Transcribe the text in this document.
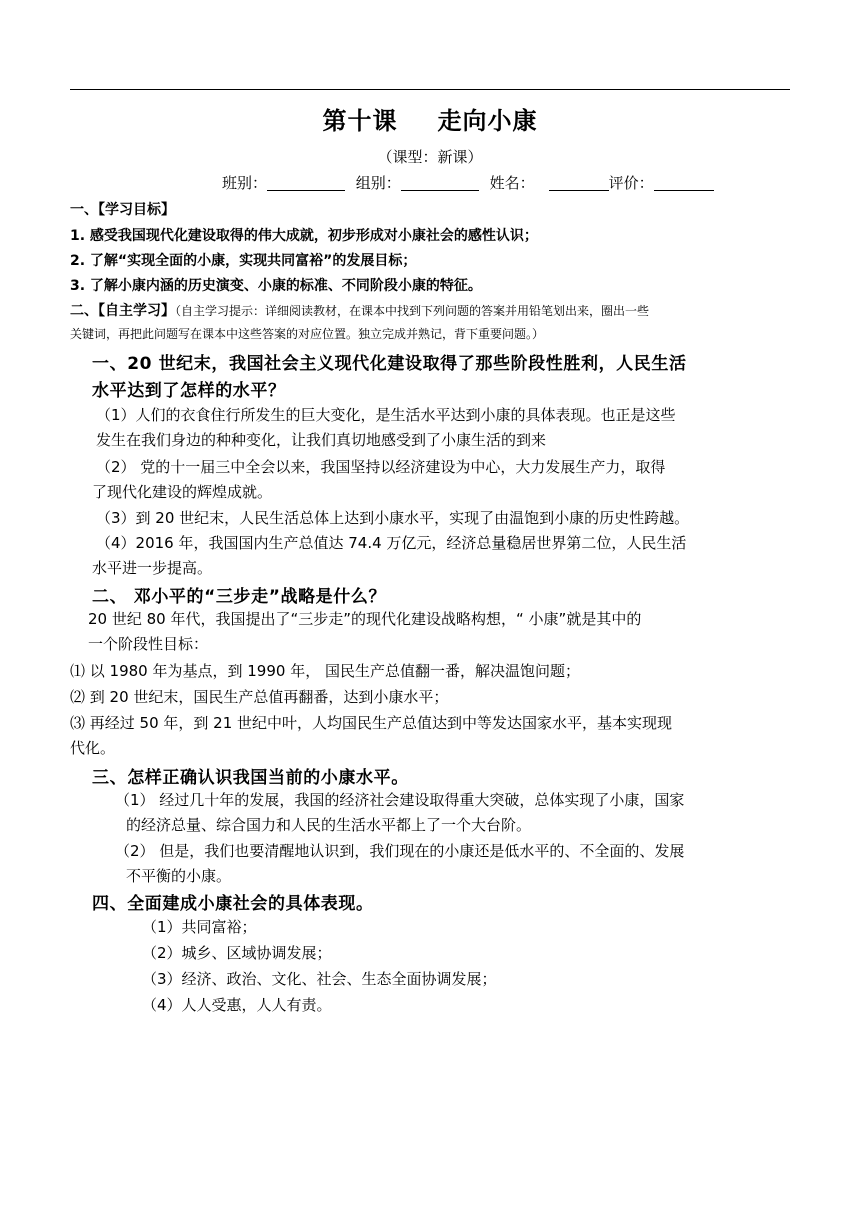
第十课 走向小康
（课型：新课）
班别：	组别：	姓名：	评价：
一、【学习目标】
1. 感受我国现代化建设取得的伟大成就，初步形成对小康社会的感性认识；
2. 了解“实现全面的小康，实现共同富裕”的发展目标；
3. 了解小康内涵的历史演变、小康的标准、不同阶段小康的特征。
二、【自主学习】（自主学习提示：详细阅读教材，在课本中找到下列问题的答案并用铅笔划出来，圈出一些
关键词，再把此问题写在课本中这些答案的对应位置。独立完成并熟记，背下重要问题。）
一、20 世纪末，我国社会主义现代化建设取得了那些阶段性胜利，人民生活
水平达到了怎样的水平？
（1）人们的衣食住行所发生的巨大变化，是生活水平达到小康的具体表现。也正是这些
发生在我们身边的种种变化，让我们真切地感受到了小康生活的到来
（2） 党的十一届三中全会以来，我国坚持以经济建设为中心，大力发展生产力，取得
了现代化建设的辉煌成就。
（3）到 20 世纪末，人民生活总体上达到小康水平，实现了由温饱到小康的历史性跨越。
（4）2016 年，我国国内生产总值达 74.4 万亿元，经济总量稳居世界第二位，人民生活
水平进一步提高。
二、 邓小平的“三步走”战略是什么？
20 世纪 80 年代，我国提出了“三步走”的现代化建设战略构想，“ 小康”就是其中的
一个阶段性目标：
⑴ 以 1980 年为基点，到 1990 年， 国民生产总值翻一番，解决温饱问题；
⑵ 到 20 世纪末，国民生产总值再翻番，达到小康水平；
⑶ 再经过 50 年，到 21 世纪中叶，人均国民生产总值达到中等发达国家水平，基本实现现
代化。
三、怎样正确认识我国当前的小康水平。
（1） 经过几十年的发展，我国的经济社会建设取得重大突破，总体实现了小康，国家
的经济总量、综合国力和人民的生活水平都上了一个大台阶。
（2） 但是，我们也要清醒地认识到，我们现在的小康还是低水平的、不全面的、发展
不平衡的小康。
四、全面建成小康社会的具体表现。
（1）共同富裕；
（2）城乡、区域协调发展；
（3）经济、政治、文化、社会、生态全面协调发展；
（4）人人受惠，人人有责。
